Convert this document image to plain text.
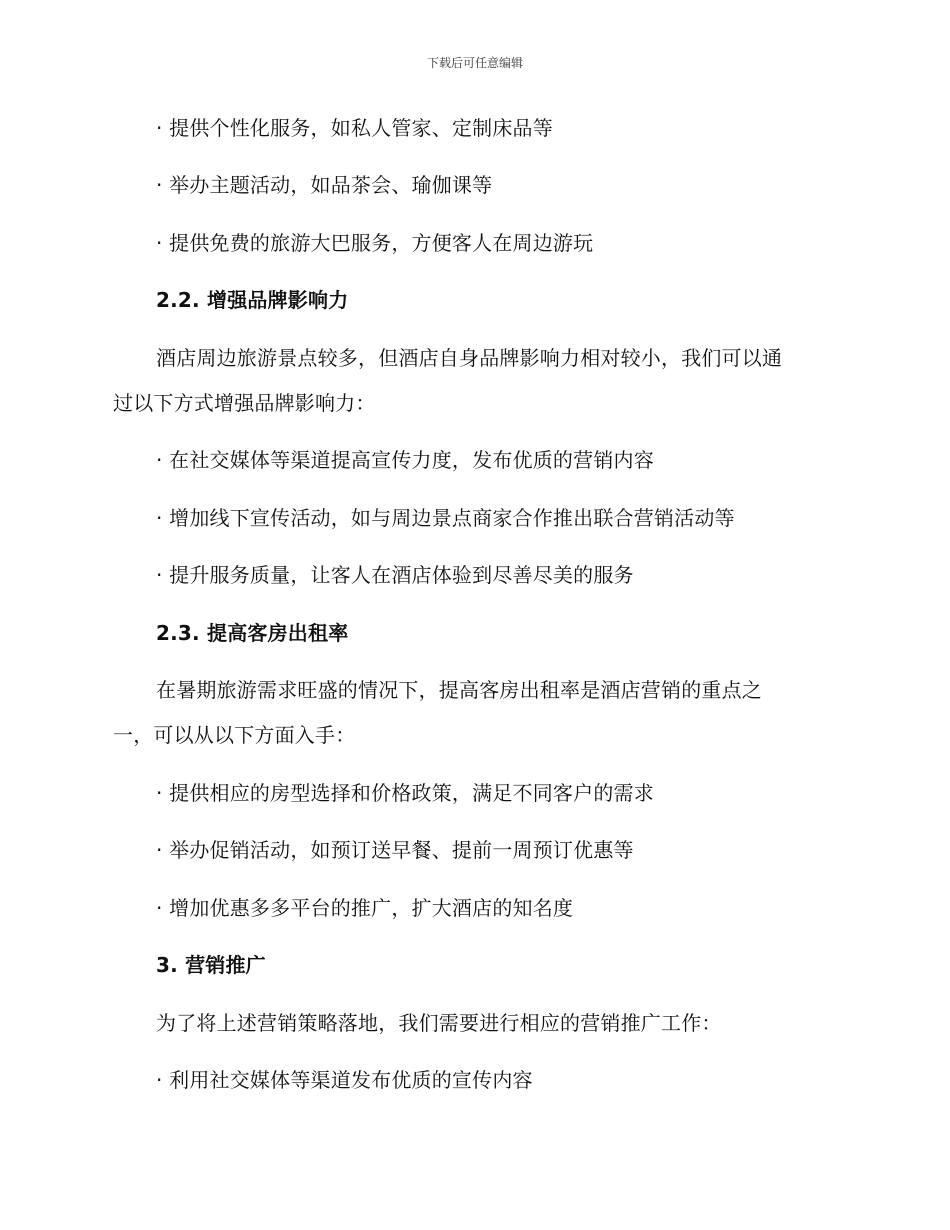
下载后可任意编辑
· 提供个性化服务，如私人管家、定制床品等
· 举办主题活动，如品茶会、瑜伽课等
· 提供免费的旅游大巴服务，方便客人在周边游玩
2.2. 增强品牌影响力
酒店周边旅游景点较多，但酒店自身品牌影响力相对较小，我们可以通
过以下方式增强品牌影响力：
· 在社交媒体等渠道提高宣传力度，发布优质的营销内容
· 增加线下宣传活动，如与周边景点商家合作推出联合营销活动等
· 提升服务质量，让客人在酒店体验到尽善尽美的服务
2.3. 提高客房出租率
在暑期旅游需求旺盛的情况下，提高客房出租率是酒店营销的重点之
一，可以从以下方面入手：
· 提供相应的房型选择和价格政策，满足不同客户的需求
· 举办促销活动，如预订送早餐、提前一周预订优惠等
· 增加优惠多多平台的推广，扩大酒店的知名度
3. 营销推广
为了将上述营销策略落地，我们需要进行相应的营销推广工作：
· 利用社交媒体等渠道发布优质的宣传内容
